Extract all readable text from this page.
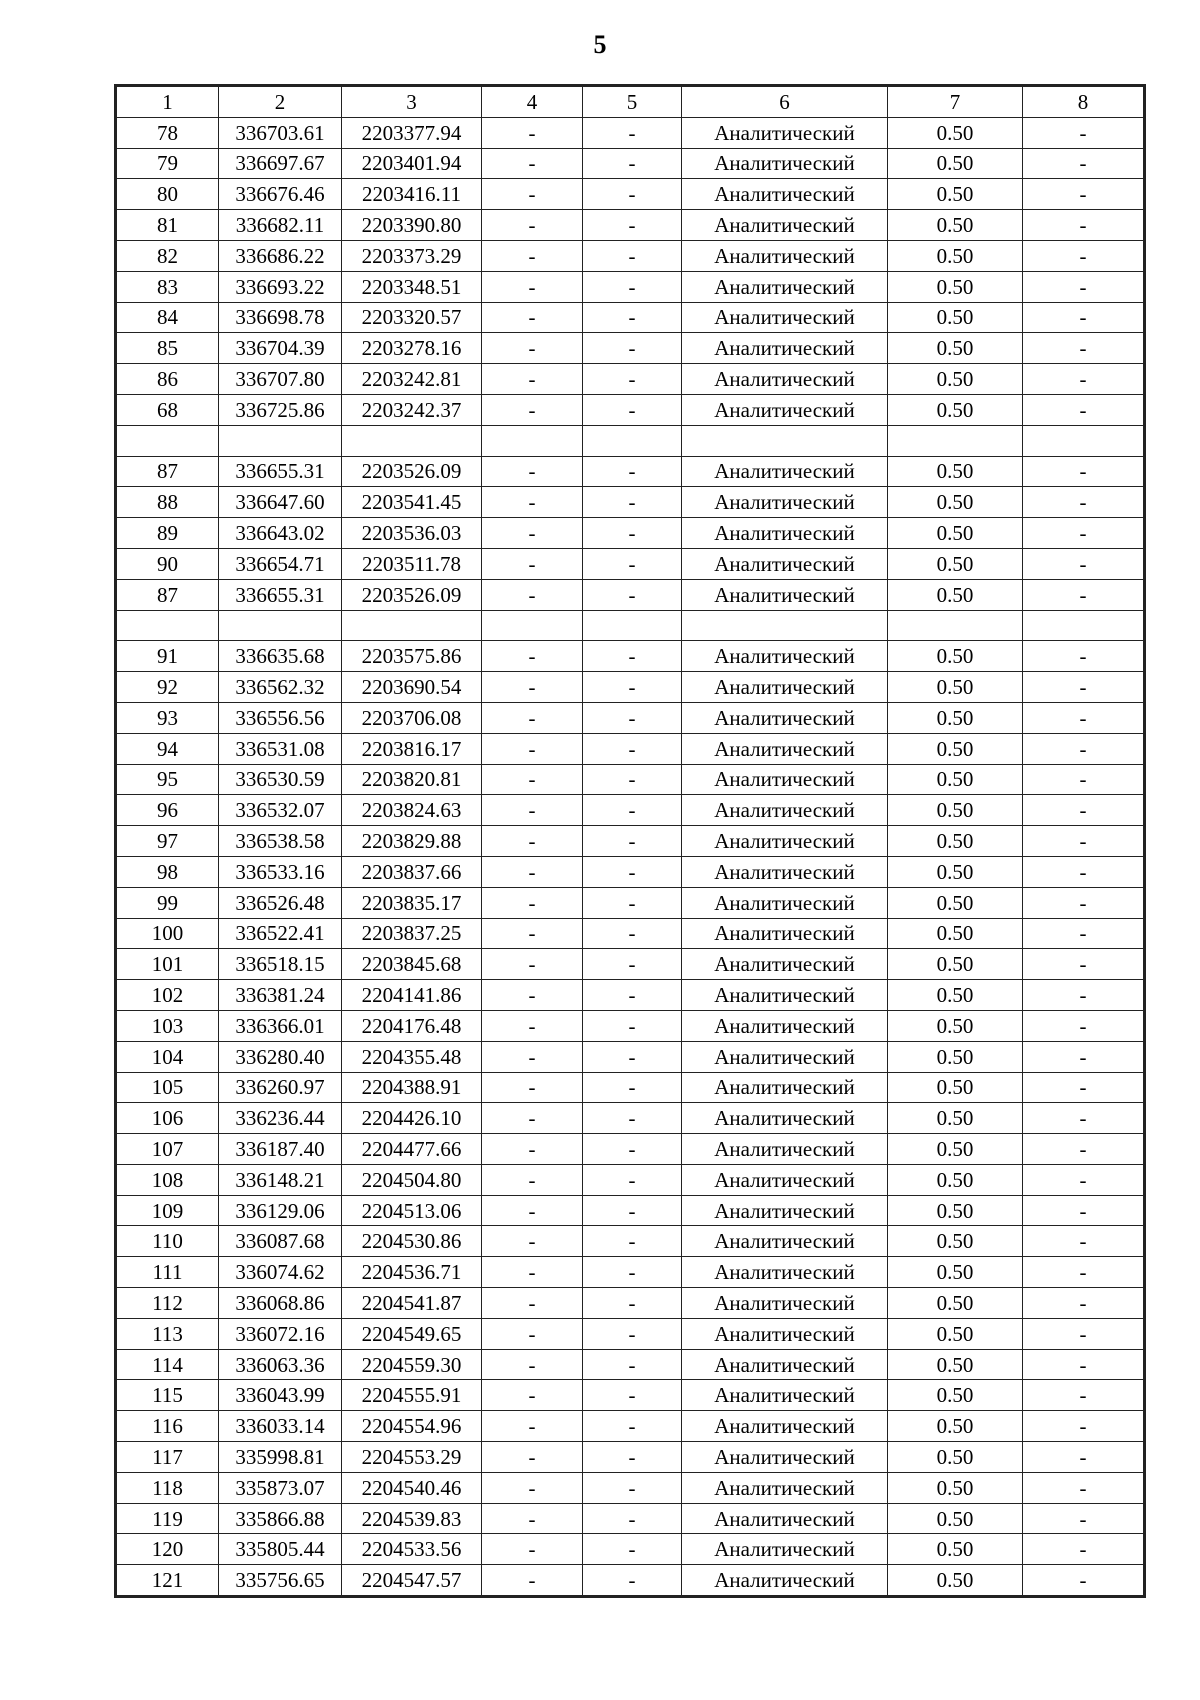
5
1	2	3	4	5	6	7	8
78	336703.61	2203377.94	-	-	Аналитический	0.50	-
79	336697.67	2203401.94	-	-	Аналитический	0.50	-
80	336676.46	2203416.11	-	-	Аналитический	0.50	-
81	336682.11	2203390.80	-	-	Аналитический	0.50	-
82	336686.22	2203373.29	-	-	Аналитический	0.50	-
83	336693.22	2203348.51	-	-	Аналитический	0.50	-
84	336698.78	2203320.57	-	-	Аналитический	0.50	-
85	336704.39	2203278.16	-	-	Аналитический	0.50	-
86	336707.80	2203242.81	-	-	Аналитический	0.50	-
68	336725.86	2203242.37	-	-	Аналитический	0.50	-

87	336655.31	2203526.09	-	-	Аналитический	0.50	-
88	336647.60	2203541.45	-	-	Аналитический	0.50	-
89	336643.02	2203536.03	-	-	Аналитический	0.50	-
90	336654.71	2203511.78	-	-	Аналитический	0.50	-
87	336655.31	2203526.09	-	-	Аналитический	0.50	-

91	336635.68	2203575.86	-	-	Аналитический	0.50	-
92	336562.32	2203690.54	-	-	Аналитический	0.50	-
93	336556.56	2203706.08	-	-	Аналитический	0.50	-
94	336531.08	2203816.17	-	-	Аналитический	0.50	-
95	336530.59	2203820.81	-	-	Аналитический	0.50	-
96	336532.07	2203824.63	-	-	Аналитический	0.50	-
97	336538.58	2203829.88	-	-	Аналитический	0.50	-
98	336533.16	2203837.66	-	-	Аналитический	0.50	-
99	336526.48	2203835.17	-	-	Аналитический	0.50	-
100	336522.41	2203837.25	-	-	Аналитический	0.50	-
101	336518.15	2203845.68	-	-	Аналитический	0.50	-
102	336381.24	2204141.86	-	-	Аналитический	0.50	-
103	336366.01	2204176.48	-	-	Аналитический	0.50	-
104	336280.40	2204355.48	-	-	Аналитический	0.50	-
105	336260.97	2204388.91	-	-	Аналитический	0.50	-
106	336236.44	2204426.10	-	-	Аналитический	0.50	-
107	336187.40	2204477.66	-	-	Аналитический	0.50	-
108	336148.21	2204504.80	-	-	Аналитический	0.50	-
109	336129.06	2204513.06	-	-	Аналитический	0.50	-
110	336087.68	2204530.86	-	-	Аналитический	0.50	-
111	336074.62	2204536.71	-	-	Аналитический	0.50	-
112	336068.86	2204541.87	-	-	Аналитический	0.50	-
113	336072.16	2204549.65	-	-	Аналитический	0.50	-
114	336063.36	2204559.30	-	-	Аналитический	0.50	-
115	336043.99	2204555.91	-	-	Аналитический	0.50	-
116	336033.14	2204554.96	-	-	Аналитический	0.50	-
117	335998.81	2204553.29	-	-	Аналитический	0.50	-
118	335873.07	2204540.46	-	-	Аналитический	0.50	-
119	335866.88	2204539.83	-	-	Аналитический	0.50	-
120	335805.44	2204533.56	-	-	Аналитический	0.50	-
121	335756.65	2204547.57	-	-	Аналитический	0.50	-
